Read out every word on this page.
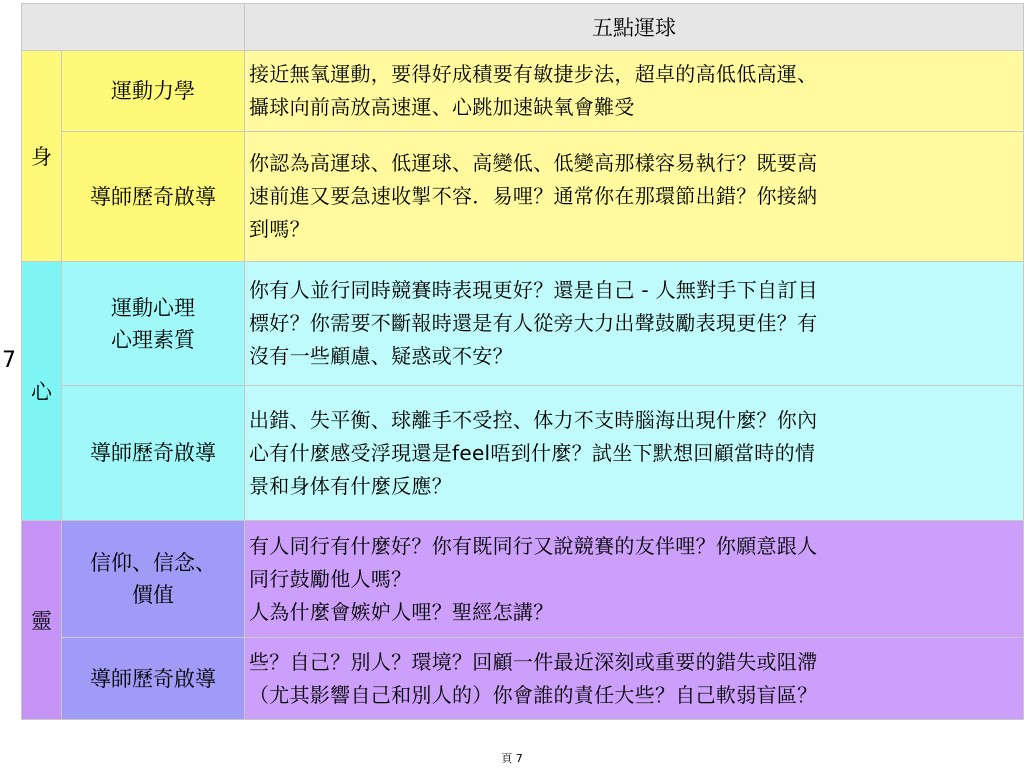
7
		五點運球
身	運動力學	接近無氧運動，要得好成積要有敏捷步法，超卓的高低低高運、
攝球向前高放高速運、心跳加速缺氧會難受

	導師歷奇啟導	你認為高運球、低運球、高變低、低變高那樣容易執行？既要高
速前進又要急速收掣不容．易哩？通常你在那環節出錯？你接納
到嗎？

心	運動心理
心理素質	你有人並行同時競賽時表現更好？還是自己 - 人無對手下自訂目
標好？你需要不斷報時還是有人從旁大力出聲鼓勵表現更佳？有
沒有一些顧慮、疑惑或不安？

	導師歷奇啟導	出錯、失平衡、球離手不受控、体力不支時腦海出現什麼？你內
心有什麼感受浮現還是feel唔到什麼？試坐下默想回顧當時的情
景和身体有什麼反應？

靈	信仰、信念、
價值	有人同行有什麼好？你有既同行又說競賽的友伴哩？你願意跟人
同行鼓勵他人嗎？
人為什麼會嫉妒人哩？聖經怎講？

	導師歷奇啟導	些？自己？別人？環境？回顧一件最近深刻或重要的錯失或阻滯
（尤其影響自己和別人的）你會誰的責任大些？自己軟弱盲區？
頁 7
